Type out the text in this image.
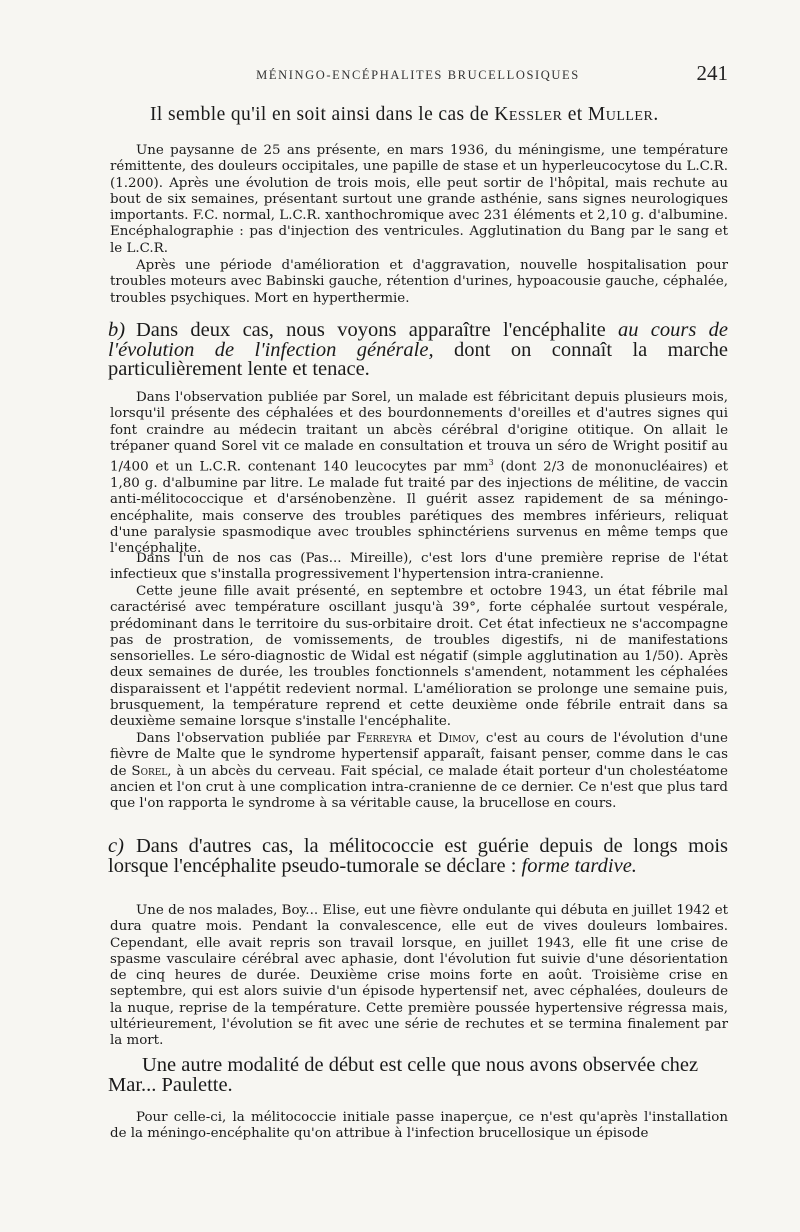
MÉNINGO-ENCÉPHALITES BRUCELLOSIQUES	241
Il semble qu'il en soit ainsi dans le cas de Kessler et Muller.

Une paysanne de 25 ans présente, en mars 1936, du méningisme, une température rémittente, des douleurs occipitales, une papille de stase et un hyperleucocytose du L.C.R. (1.200). Après une évolution de trois mois, elle peut sortir de l'hôpital, mais rechute au bout de six semaines, présentant surtout une grande asthénie, sans signes neurologiques importants. F.C. normal, L.C.R. xanthochromique avec 231 éléments et 2,10 g. d'albumine. Encéphalographie : pas d'injection des ventricules. Agglutination du Bang par le sang et le L.C.R.

Après une période d'amélioration et d'aggravation, nouvelle hospitalisation pour troubles moteurs avec Babinski gauche, rétention d'urines, hypoacousie gauche, céphalée, troubles psychiques. Mort en hyperthermie.

b) Dans deux cas, nous voyons apparaître l'encéphalite au cours de l'évolution de l'infection générale, dont on connaît la marche particulièrement lente et tenace.

Dans l'observation publiée par Sorel, un malade est fébricitant depuis plusieurs mois, lorsqu'il présente des céphalées et des bourdonnements d'oreilles et d'autres signes qui font craindre au médecin traitant un abcès cérébral d'origine otitique. On allait le trépaner quand Sorel vit ce malade en consultation et trouva un séro de Wright positif au 1/400 et un L.C.R. contenant 140 leucocytes par $mm^3$ (dont 2/3 de mononucléaires) et 1,80 g. d'albumine par litre. Le malade fut traité par des injections de mélitine, de vaccin anti-mélitococcique et d'arsénobenzène. Il guérit assez rapidement de sa méningo-encéphalite, mais conserve des troubles parétiques des membres inférieurs, reliquat d'une paralysie spasmodique avec troubles sphinctériens survenus en même temps que l'encéphalite.

Dans l'un de nos cas (Pas... Mireille), c'est lors d'une première reprise de l'état infectieux que s'installa progressivement l'hypertension intra-cranienne.

Cette jeune fille avait présenté, en septembre et octobre 1943, un état fébrile mal caractérisé avec température oscillant jusqu'à 39°, forte céphalée surtout vespérale, prédominant dans le territoire du sus-orbitaire droit. Cet état infectieux ne s'accompagne pas de prostration, de vomissements, de troubles digestifs, ni de manifestations sensorielles. Le séro-diagnostic de Widal est négatif (simple agglutination au 1/50). Après deux semaines de durée, les troubles fonctionnels s'amendent, notamment les céphalées disparaissent et l'appétit redevient normal. L'amélioration se prolonge une semaine puis, brusquement, la température reprend et cette deuxième onde fébrile entrait dans sa deuxième semaine lorsque s'installe l'encéphalite.

Dans l'observation publiée par Ferreyra et Dimov, c'est au cours de l'évolution d'une fièvre de Malte que le syndrome hypertensif apparaît, faisant penser, comme dans le cas de Sorel, à un abcès du cerveau. Fait spécial, ce malade était porteur d'un cholestéatome ancien et l'on crut à une complication intra-cranienne de ce dernier. Ce n'est que plus tard que l'on rapporta le syndrome à sa véritable cause, la brucellose en cours.

c) Dans d'autres cas, la mélitococcie est guérie depuis de longs mois lorsque l'encéphalite pseudo-tumorale se déclare : forme tardive.

Une de nos malades, Boy... Elise, eut une fièvre ondulante qui débuta en juillet 1942 et dura quatre mois. Pendant la convalescence, elle eut de vives douleurs lombaires. Cependant, elle avait repris son travail lorsque, en juillet 1943, elle fit une crise de spasme vasculaire cérébral avec aphasie, dont l'évolution fut suivie d'une désorientation de cinq heures de durée. Deuxième crise moins forte en août. Troisième crise en septembre, qui est alors suivie d'un épisode hypertensif net, avec céphalées, douleurs de la nuque, reprise de la température. Cette première poussée hypertensive régressa mais, ultérieurement, l'évolution se fit avec une série de rechutes et se termina finalement par la mort.

Une autre modalité de début est celle que nous avons observée chez Mar... Paulette.

Pour celle-ci, la mélitococcie initiale passe inaperçue, ce n'est qu'après l'installation de la méningo-encéphalite qu'on attribue à l'infection brucellosique un épisode
